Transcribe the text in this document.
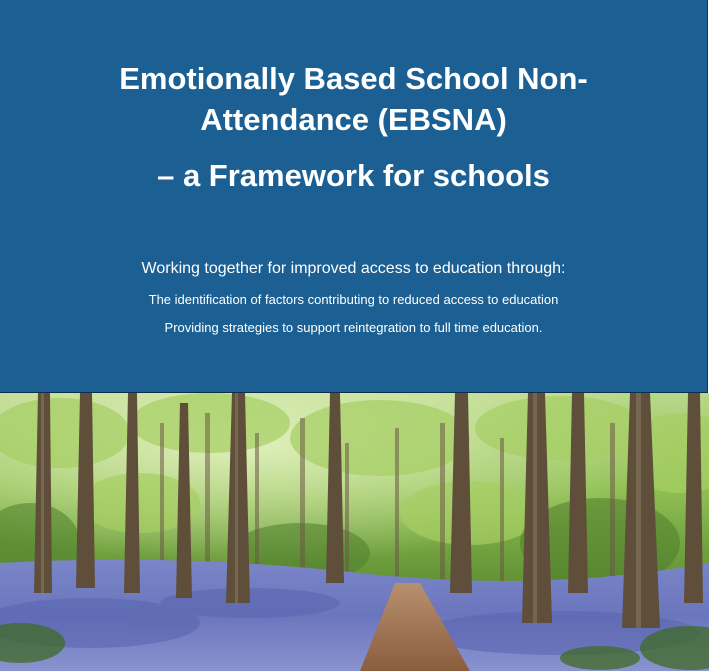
Emotionally Based School Non-
Attendance (EBSNA)
– a Framework for schools
Working together for improved access to education through:
The identification of factors contributing to reduced access to education
Providing strategies to support reintegration to full time education.
